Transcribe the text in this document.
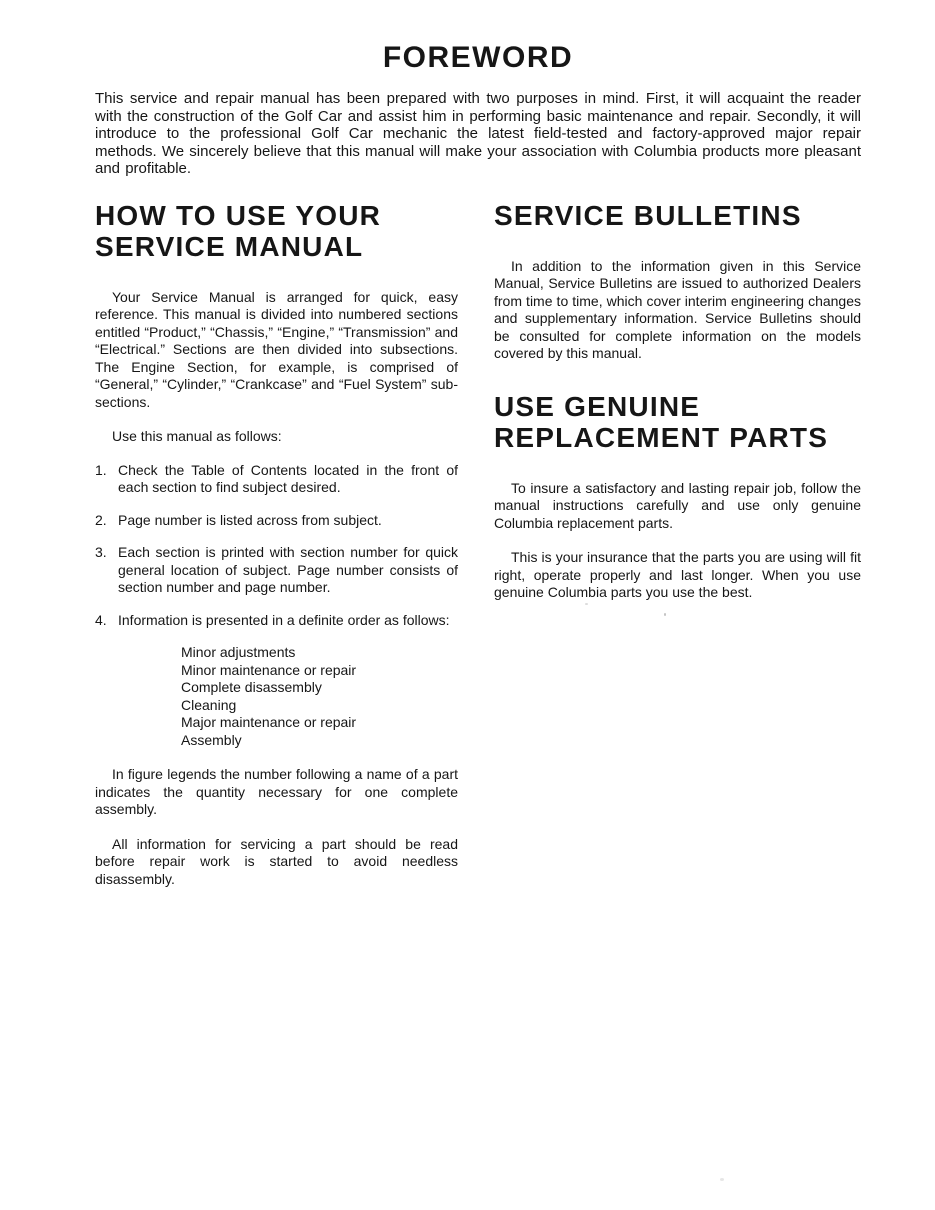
FOREWORD

This service and repair manual has been prepared with two purposes in mind. First, it will acquaint the reader with the construction of the Golf Car and assist him in performing basic maintenance and repair. Secondly, it will introduce to the professional Golf Car mechanic the latest field-tested and factory-approved major repair methods. We sincerely believe that this manual will make your association with Columbia products more pleasant and profitable.

HOW TO USE YOUR
SERVICE MANUAL

Your Service Manual is arranged for quick, easy reference. This manual is divided into numbered sections entitled “Product,” “Chassis,” “Engine,” “Transmission” and “Electrical.” Sections are then divided into subsections. The Engine Section, for example, is comprised of “General,” “Cylinder,” “Crankcase” and “Fuel System” sub-sections.

Use this manual as follows:
1. Check the Table of Contents located in the front of each section to find subject desired.
2. Page number is listed across from subject.
3. Each section is printed with section number for quick general location of subject. Page number consists of section number and page number.
4. Information is presented in a definite order as follows:
Minor adjustments
Minor maintenance or repair
Complete disassembly
Cleaning
Major maintenance or repair
Assembly

In figure legends the number following a name of a part indicates the quantity necessary for one complete assembly.

All information for servicing a part should be read before repair work is started to avoid needless disassembly.

SERVICE BULLETINS

In addition to the information given in this Service Manual, Service Bulletins are issued to authorized Dealers from time to time, which cover interim engineering changes and supplementary information. Service Bulletins should be consulted for complete information on the models covered by this manual.

USE GENUINE
REPLACEMENT PARTS

To insure a satisfactory and lasting repair job, follow the manual instructions carefully and use only genuine Columbia replacement parts.

This is your insurance that the parts you are using will fit right, operate properly and last longer. When you use genuine Columbia parts you use the best.
